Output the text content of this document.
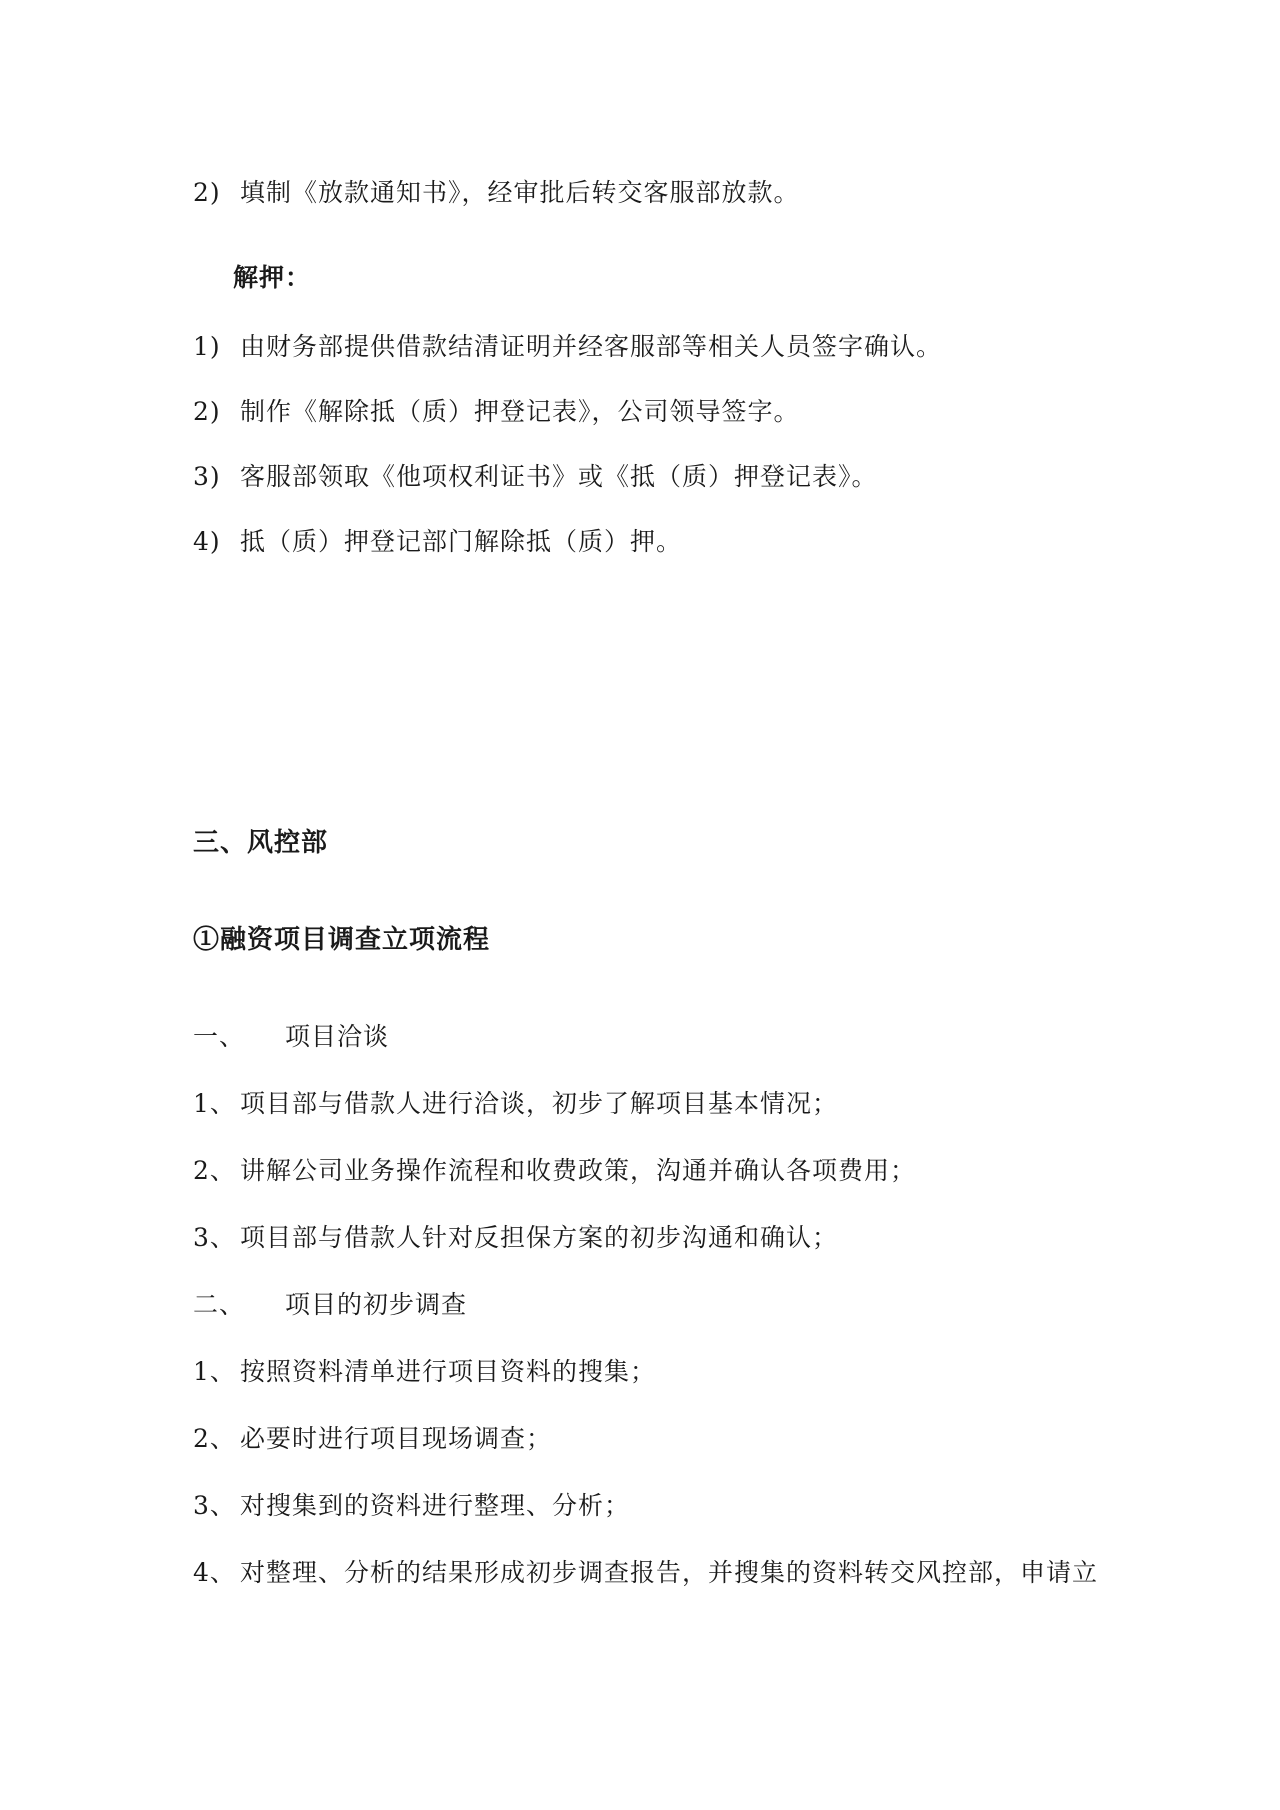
2) 填制《放款通知书》，经审批后转交客服部放款。
解押：
1) 由财务部提供借款结清证明并经客服部等相关人员签字确认。
2) 制作《解除抵（质）押登记表》，公司领导签字。
3) 客服部领取《他项权利证书》或《抵（质）押登记表》。
4) 抵（质）押登记部门解除抵（质）押。
三、风控部
①融资项目调查立项流程
一、 项目洽谈
1、 项目部与借款人进行洽谈，初步了解项目基本情况；
2、 讲解公司业务操作流程和收费政策，沟通并确认各项费用；
3、 项目部与借款人针对反担保方案的初步沟通和确认；
二、 项目的初步调查
1、 按照资料清单进行项目资料的搜集；
2、 必要时进行项目现场调查；
3、 对搜集到的资料进行整理、分析；
4、 对整理、分析的结果形成初步调查报告，并搜集的资料转交风控部，申请立
